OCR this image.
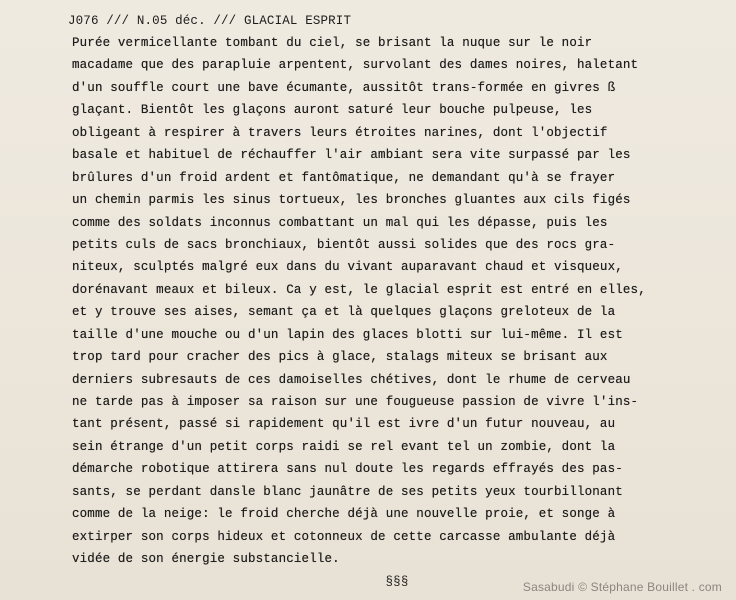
J076 /// N.05 déc. /// GLACIAL ESPRIT
Purée vermicellante tombant du ciel, se brisant la nuque sur le noir
macadame que des parapluie arpentent, survolant des dames noires, haletant
d'un souffle court une bave écumante, aussitôt trans-formée en givres ß
glaçant. Bientôt les glaçons auront saturé leur bouche pulpeuse, les
obligeant à respirer à travers leurs étroites narines, dont l'objectif
basale et habituel de réchauffer l'air ambiant sera vite surpassé par les
brûlures d'un froid ardent et fantômatique, ne demandant qu'à se frayer
un chemin parmis les sinus tortueux, les bronches gluantes aux cils figés
comme des soldats inconnus combattant un mal qui les dépasse, puis les
petits culs de sacs bronchiaux, bientôt aussi solides que des rocs gra-
niteux, sculptés malgré eux dans du vivant auparavant chaud et visqueux,
dorénavant meaux et bileux. Ca y est, le glacial esprit est entré en elles,
et y trouve ses aises, semant ça et là quelques glaçons greloteux de la
taille d'une mouche ou d'un lapin des glaces blotti sur lui-même. Il est
trop tard pour cracher des pics à glace, stalags miteux se brisant aux
derniers subresauts de ces damoiselles chétives, dont le rhume de cerveau
ne tarde pas à imposer sa raison sur une fougueuse passion de vivre l'ins-
tant présent, passé si rapidement qu'il est ivre d'un futur nouveau, au
sein étrange d'un petit corps raidi se rel evant tel un zombie, dont la
démarche robotique attirera sans nul doute les regards effrayés des pas-
sants, se perdant dansle blanc jaunâtre de ses petits yeux tourbillonant
comme de la neige: le froid cherche déjà une nouvelle proie, et songe à
extirper son corps hideux et cotonneux de cette carcasse ambulante déjà
vidée de son énergie substancielle.
§§§	Sasabudi © Stéphane Bouillet . com
